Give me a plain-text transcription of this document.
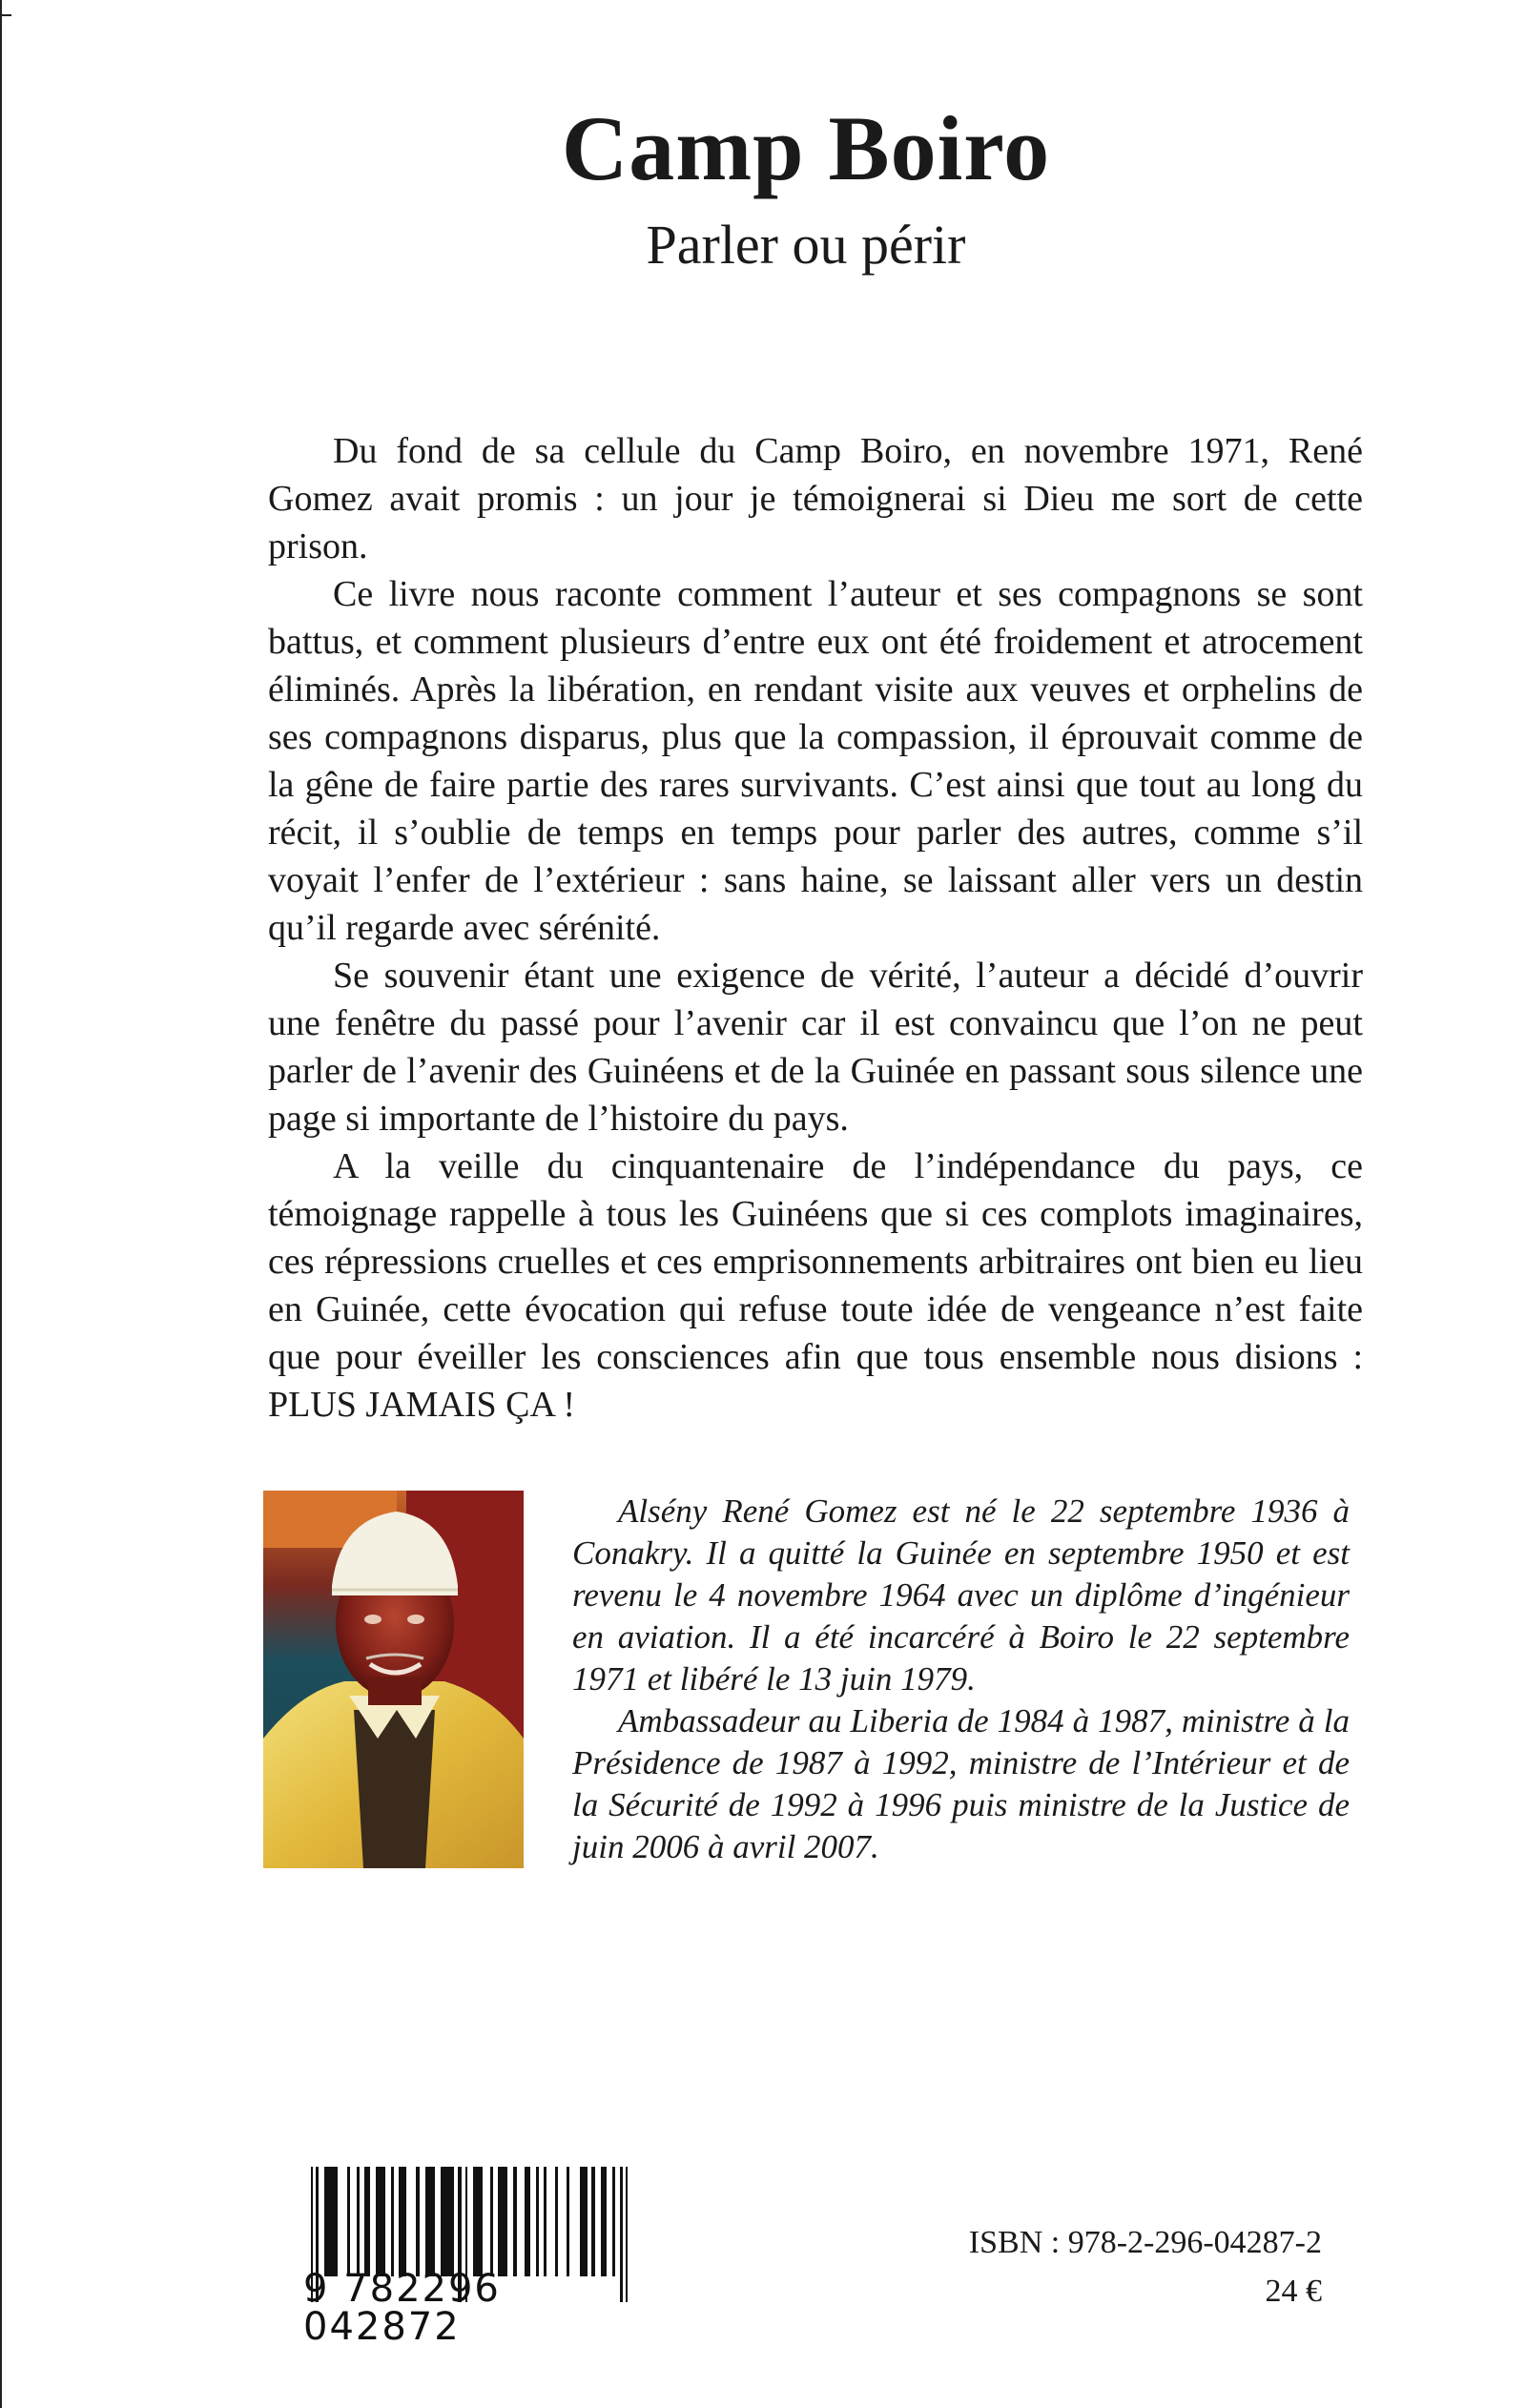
Camp Boiro
Parler ou périr

Du fond de sa cellule du Camp Boiro, en novembre 1971, René Gomez avait promis : un jour je témoignerai si Dieu me sort de cette prison.

Ce livre nous raconte comment l’auteur et ses compagnons se sont battus, et comment plusieurs d’entre eux ont été froidement et atrocement éliminés. Après la libération, en rendant visite aux veuves et orphelins de ses compagnons disparus, plus que la compassion, il éprouvait comme de la gêne de faire partie des rares survivants. C’est ainsi que tout au long du récit, il s’oublie de temps en temps pour parler des autres, comme s’il voyait l’enfer de l’extérieur : sans haine, se laissant aller vers un destin qu’il regarde avec sérénité.

Se souvenir étant une exigence de vérité, l’auteur a décidé d’ouvrir une fenêtre du passé pour l’avenir car il est convaincu que l’on ne peut parler de l’avenir des Guinéens et de la Guinée en passant sous silence une page si importante de l’histoire du pays.

A la veille du cinquantenaire de l’indépendance du pays, ce témoignage rappelle à tous les Guinéens que si ces complots imaginaires, ces répressions cruelles et ces emprisonnements arbitraires ont bien eu lieu en Guinée, cette évocation qui refuse toute idée de vengeance n’est faite que pour éveiller les consciences afin que tous ensemble nous disions : PLUS JAMAIS ÇA !

Alsény René Gomez est né le 22 septembre 1936 à Conakry. Il a quitté la Guinée en septembre 1950 et est revenu le 4 novembre 1964 avec un diplôme d’ingénieur en aviation. Il a été incarcéré à Boiro le 22 septembre 1971 et libéré le 13 juin 1979.

Ambassadeur au Liberia de 1984 à 1987, ministre à la Présidence de 1987 à 1992, ministre de l’Intérieur et de la Sécurité de 1992 à 1996 puis ministre de la Justice de juin 2006 à avril 2007.

9 782296 042872
ISBN : 978-2-296-04287-2
24 €
